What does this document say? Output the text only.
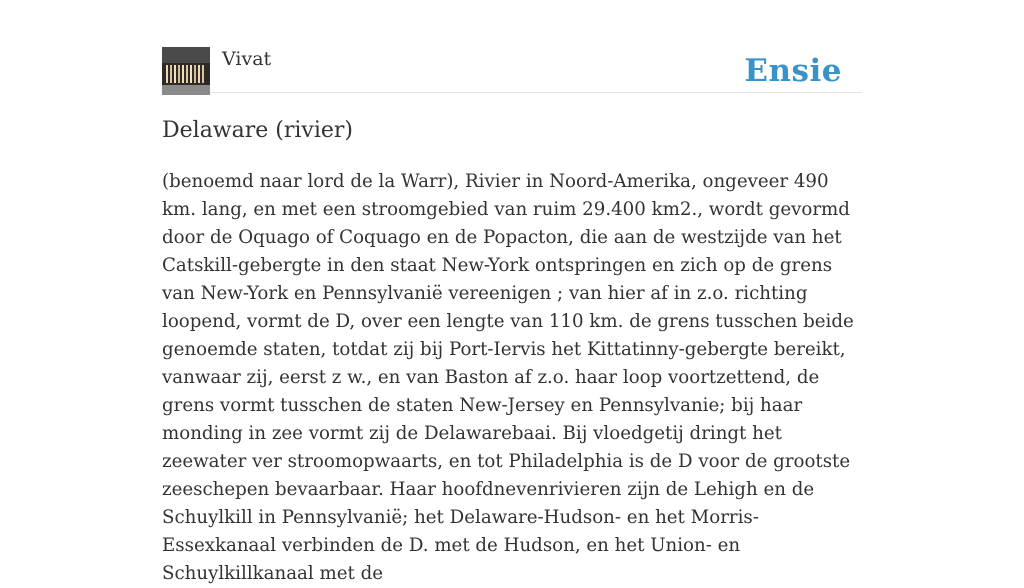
Vivat	Ensie
Delaware (rivier)

(benoemd naar lord de la Warr), Rivier in Noord-Amerika, ongeveer 490 km. lang, en met een stroomgebied van ruim 29.400 km2., wordt gevormd door de Oquago of Coquago en de Popacton, die aan de westzijde van het Catskill-gebergte in den staat New-York ontspringen en zich op de grens van New-York en Pennsylvanië vereenigen ; van hier af in z.o. richting loopend, vormt de D, over een lengte van 110 km. de grens tusschen beide genoemde staten, totdat zij bij Port-Iervis het Kittatinny-gebergte bereikt, vanwaar zij, eerst z w., en van Baston af z.o. haar loop voortzettend, de grens vormt tusschen de staten New-Jersey en Pennsylvanie; bij haar monding in zee vormt zij de Delawarebaai. Bij vloedgetij dringt het zeewater ver stroomopwaarts, en tot Philadelphia is de D voor de grootste zeeschepen bevaarbaar. Haar hoofdnevenrivieren zijn de Lehigh en de Schuylkill in Pennsylvanië; het Delaware-Hudson- en het Morris-Essexkanaal verbinden de D. met de Hudson, en het Union- en Schuylkillkanaal met de
